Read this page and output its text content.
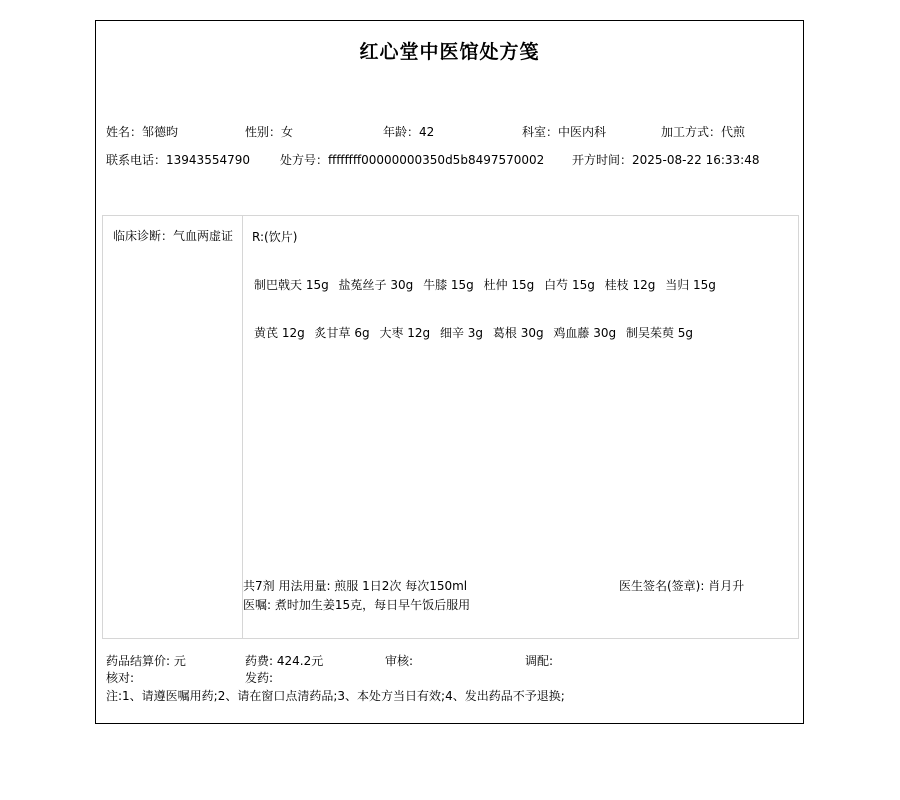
红心堂中医馆处方笺
姓名：邹德昀	性别：女	年龄：42	科室：中医内科	加工方式：代煎
联系电话：13943554790	处方号：ffffffff00000000350d5b8497570002 开方时间：2025-08-22 16:33:48
临床诊断：气血两虚证 R:(饮片)
制巴戟天 15g 盐菟丝子 30g 牛膝 15g 杜仲 15g 白芍 15g 桂枝 12g 当归 15g
黄芪 12g 炙甘草 6g 大枣 12g 细辛 3g 葛根 30g 鸡血藤 30g 制吴茱萸 5g
共7剂 用法用量: 煎服 1日2次 每次150ml	医生签名(签章): 肖月升
医嘱: 煮时加生姜15克，每日早午饭后服用
药品结算价: 元	药费: 424.2元	审核:	调配:
核对:	发药:
注:1、请遵医嘱用药;2、请在窗口点清药品;3、本处方当日有效;4、发出药品不予退换;
